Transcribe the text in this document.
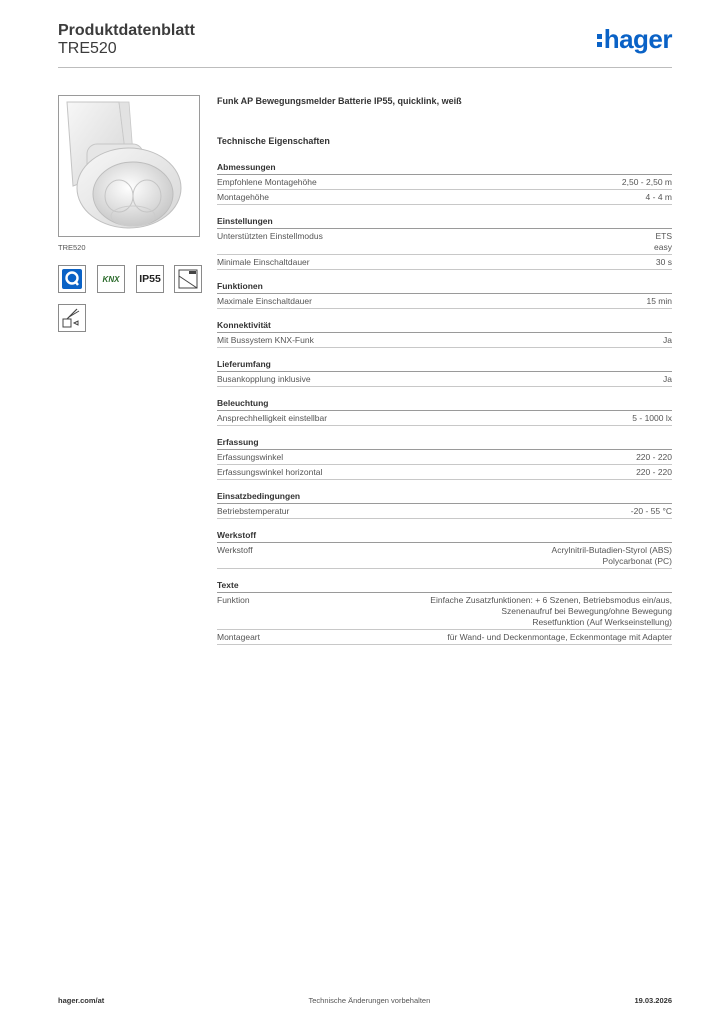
Produktdatenblatt
TRE520	hager
TRE520
KNX	IP55
Funk AP Bewegungsmelder Batterie IP55, quicklink, weiß
Technische Eigenschaften
Abmessungen
Empfohlene Montagehöhe	2,50 - 2,50 m
Montagehöhe	4 - 4 m
Einstellungen
Unterstützten Einstellmodus	ETS
easy
Minimale Einschaltdauer	30 s
Funktionen
Maximale Einschaltdauer	15 min
Konnektivität
Mit Bussystem KNX-Funk	Ja
Lieferumfang
Busankopplung inklusive	Ja
Beleuchtung
Ansprechhelligkeit einstellbar	5 - 1000 lx
Erfassung
Erfassungswinkel	220 - 220
Erfassungswinkel horizontal	220 - 220
Einsatzbedingungen
Betriebstemperatur	-20 - 55 °C
Werkstoff
Werkstoff	Acrylnitril-Butadien-Styrol (ABS)
Polycarbonat (PC)
Texte
Funktion	Einfache Zusatzfunktionen: + 6 Szenen, Betriebsmodus ein/aus,
Szenenaufruf bei Bewegung/ohne Bewegung
Resetfunktion (Auf Werkseinstellung)
Montageart	für Wand- und Deckenmontage, Eckenmontage mit Adapter
hager.com/at	Technische Änderungen vorbehalten	19.03.2026
